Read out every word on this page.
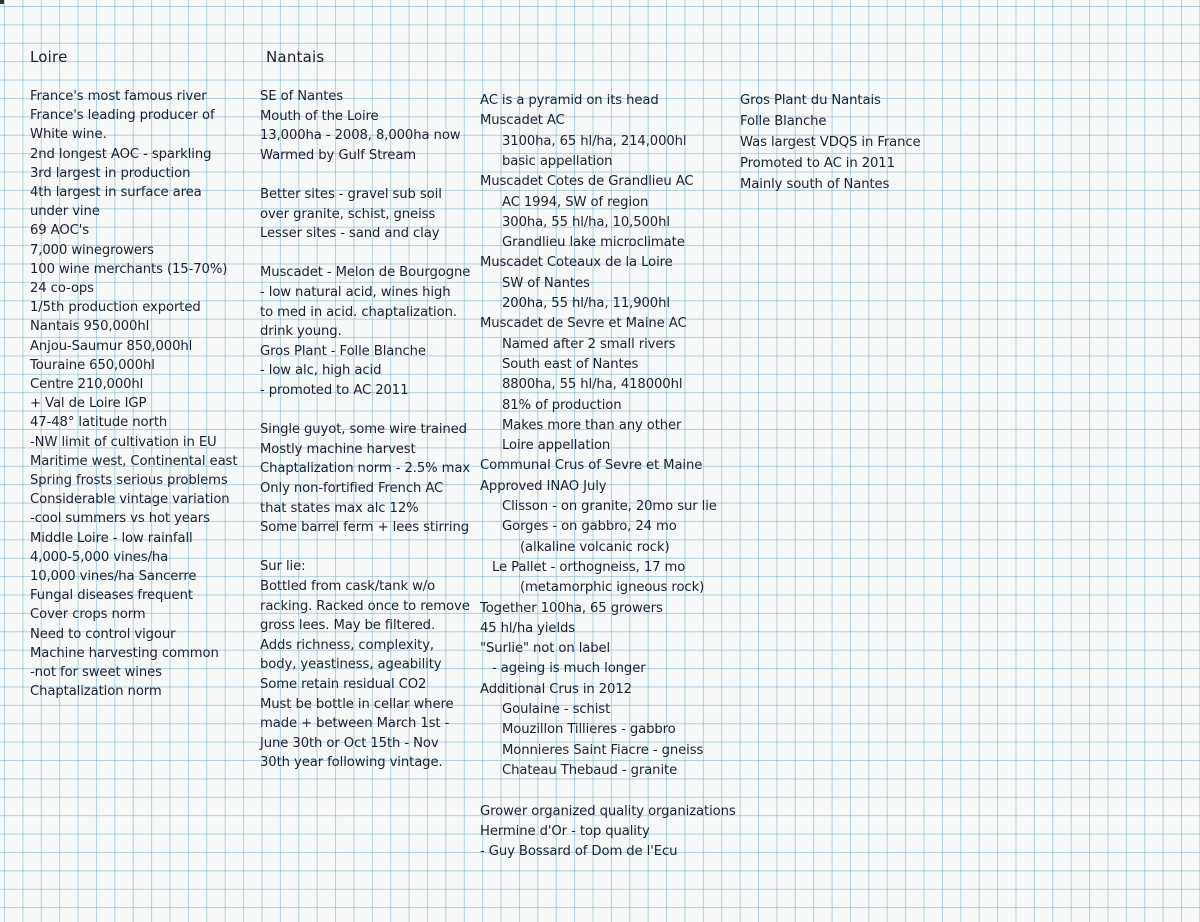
Loire
France's most famous river
France's leading producer of
White wine.
2nd longest AOC - sparkling
3rd largest in production
4th largest in surface area
under vine
69 AOC's
7,000 winegrowers
100 wine merchants (15-70%)
24 co-ops
1/5th production exported
Nantais 950,000hl
Anjou-Saumur 850,000hl
Touraine 650,000hl
Centre 210,000hl
+ Val de Loire IGP
47-48° latitude north
-NW limit of cultivation in EU
Maritime west, Continental east
Spring frosts serious problems
Considerable vintage variation
-cool summers vs hot years
Middle Loire - low rainfall
4,000-5,000 vines/ha
10,000 vines/ha Sancerre
Fungal diseases frequent
Cover crops norm
Need to control vigour
Machine harvesting common
-not for sweet wines
Chaptalization norm
Nantais
SE of Nantes
Mouth of the Loire
13,000ha - 2008, 8,000ha now
Warmed by Gulf Stream
Better sites - gravel sub soil
over granite, schist, gneiss
Lesser sites - sand and clay
Muscadet - Melon de Bourgogne
- low natural acid, wines high
to med in acid. chaptalization.
drink young.
Gros Plant - Folle Blanche
- low alc, high acid
- promoted to AC 2011
Single guyot, some wire trained
Mostly machine harvest
Chaptalization norm - 2.5% max
Only non-fortified French AC
that states max alc 12%
Some barrel ferm + lees stirring
Sur lie:
Bottled from cask/tank w/o
racking. Racked once to remove
gross lees. May be filtered.
Adds richness, complexity,
body, yeastiness, ageability
Some retain residual CO2
Must be bottle in cellar where
made + between March 1st -
June 30th or Oct 15th - Nov
30th year following vintage.
AC is a pyramid on its head
Muscadet AC
3100ha, 65 hl/ha, 214,000hl
basic appellation
Muscadet Cotes de Grandlieu AC
AC 1994, SW of region
300ha, 55 hl/ha, 10,500hl
Grandlieu lake microclimate
Muscadet Coteaux de la Loire
SW of Nantes
200ha, 55 hl/ha, 11,900hl
Muscadet de Sevre et Maine AC
Named after 2 small rivers
South east of Nantes
8800ha, 55 hl/ha, 418000hl
81% of production
Makes more than any other
Loire appellation
Communal Crus of Sevre et Maine
Approved INAO July
Clisson - on granite, 20mo sur lie
Gorges - on gabbro, 24 mo
(alkaline volcanic rock)
Le Pallet - orthogneiss, 17 mo
(metamorphic igneous rock)
Together 100ha, 65 growers
45 hl/ha yields
"Surlie" not on label
- ageing is much longer
Additional Crus in 2012
Goulaine - schist
Mouzillon Tillieres - gabbro
Monnieres Saint Fiacre - gneiss
Chateau Thebaud - granite
Grower organized quality organizations
Hermine d'Or - top quality
- Guy Bossard of Dom de l'Ecu
Gros Plant du Nantais
Folle Blanche
Was largest VDQS in France
Promoted to AC in 2011
Mainly south of Nantes
